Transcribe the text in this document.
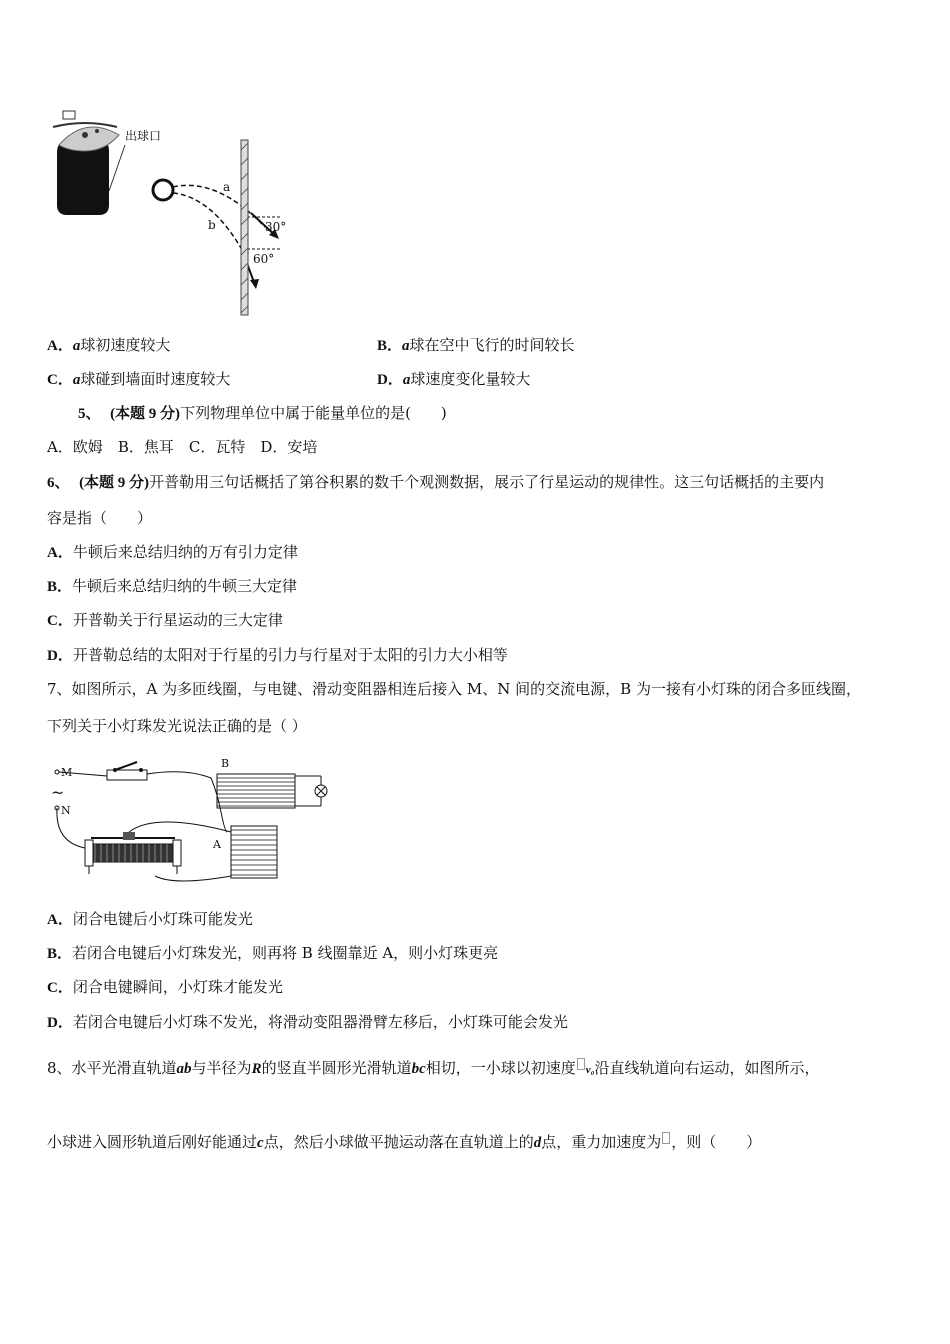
出球口
a
b	30°
60°
A．a球初速度较大	B．a球在空中飞行的时间较长
C．a球碰到墙面时速度较大	D．a球速度变化量较大
5、 (本题 9 分)下列物理单位中属于能量单位的是(　　)
A．欧姆　B．焦耳　C．瓦特　D．安培
6、 (本题 9 分)开普勒用三句话概括了第谷积累的数千个观测数据，展示了行星运动的规律性。这三句话概括的主要内
容是指（　　）
A．牛顿后来总结归纳的万有引力定律
B．牛顿后来总结归纳的牛顿三大定律
C．开普勒关于行星运动的三大定律
D．开普勒总结的太阳对于行星的引力与行星对于太阳的引力大小相等
7、如图所示，A 为多匝线圈，与电键、滑动变阻器相连后接入 M、N 间的交流电源，B 为一接有小灯珠的闭合多匝线圈，
下列关于小灯珠发光说法正确的是（ ）
M
~
N
B
A
A．闭合电键后小灯珠可能发光
B．若闭合电键后小灯珠发光，则再将 B 线圈靠近 A，则小灯珠更亮
C．闭合电键瞬间，小灯珠才能发光
D．若闭合电键后小灯珠不发光，将滑动变阻器滑臂左移后，小灯珠可能会发光
8、水平光滑直轨道ab与半径为R的竖直半圆形光滑轨道bc相切，一小球以初速度 v₀沿直线轨道向右运动，如图所示，
小球进入圆形轨道后刚好能通过c点，然后小球做平抛运动落在直轨道上的d点，重力加速度为 ，则（　　）
